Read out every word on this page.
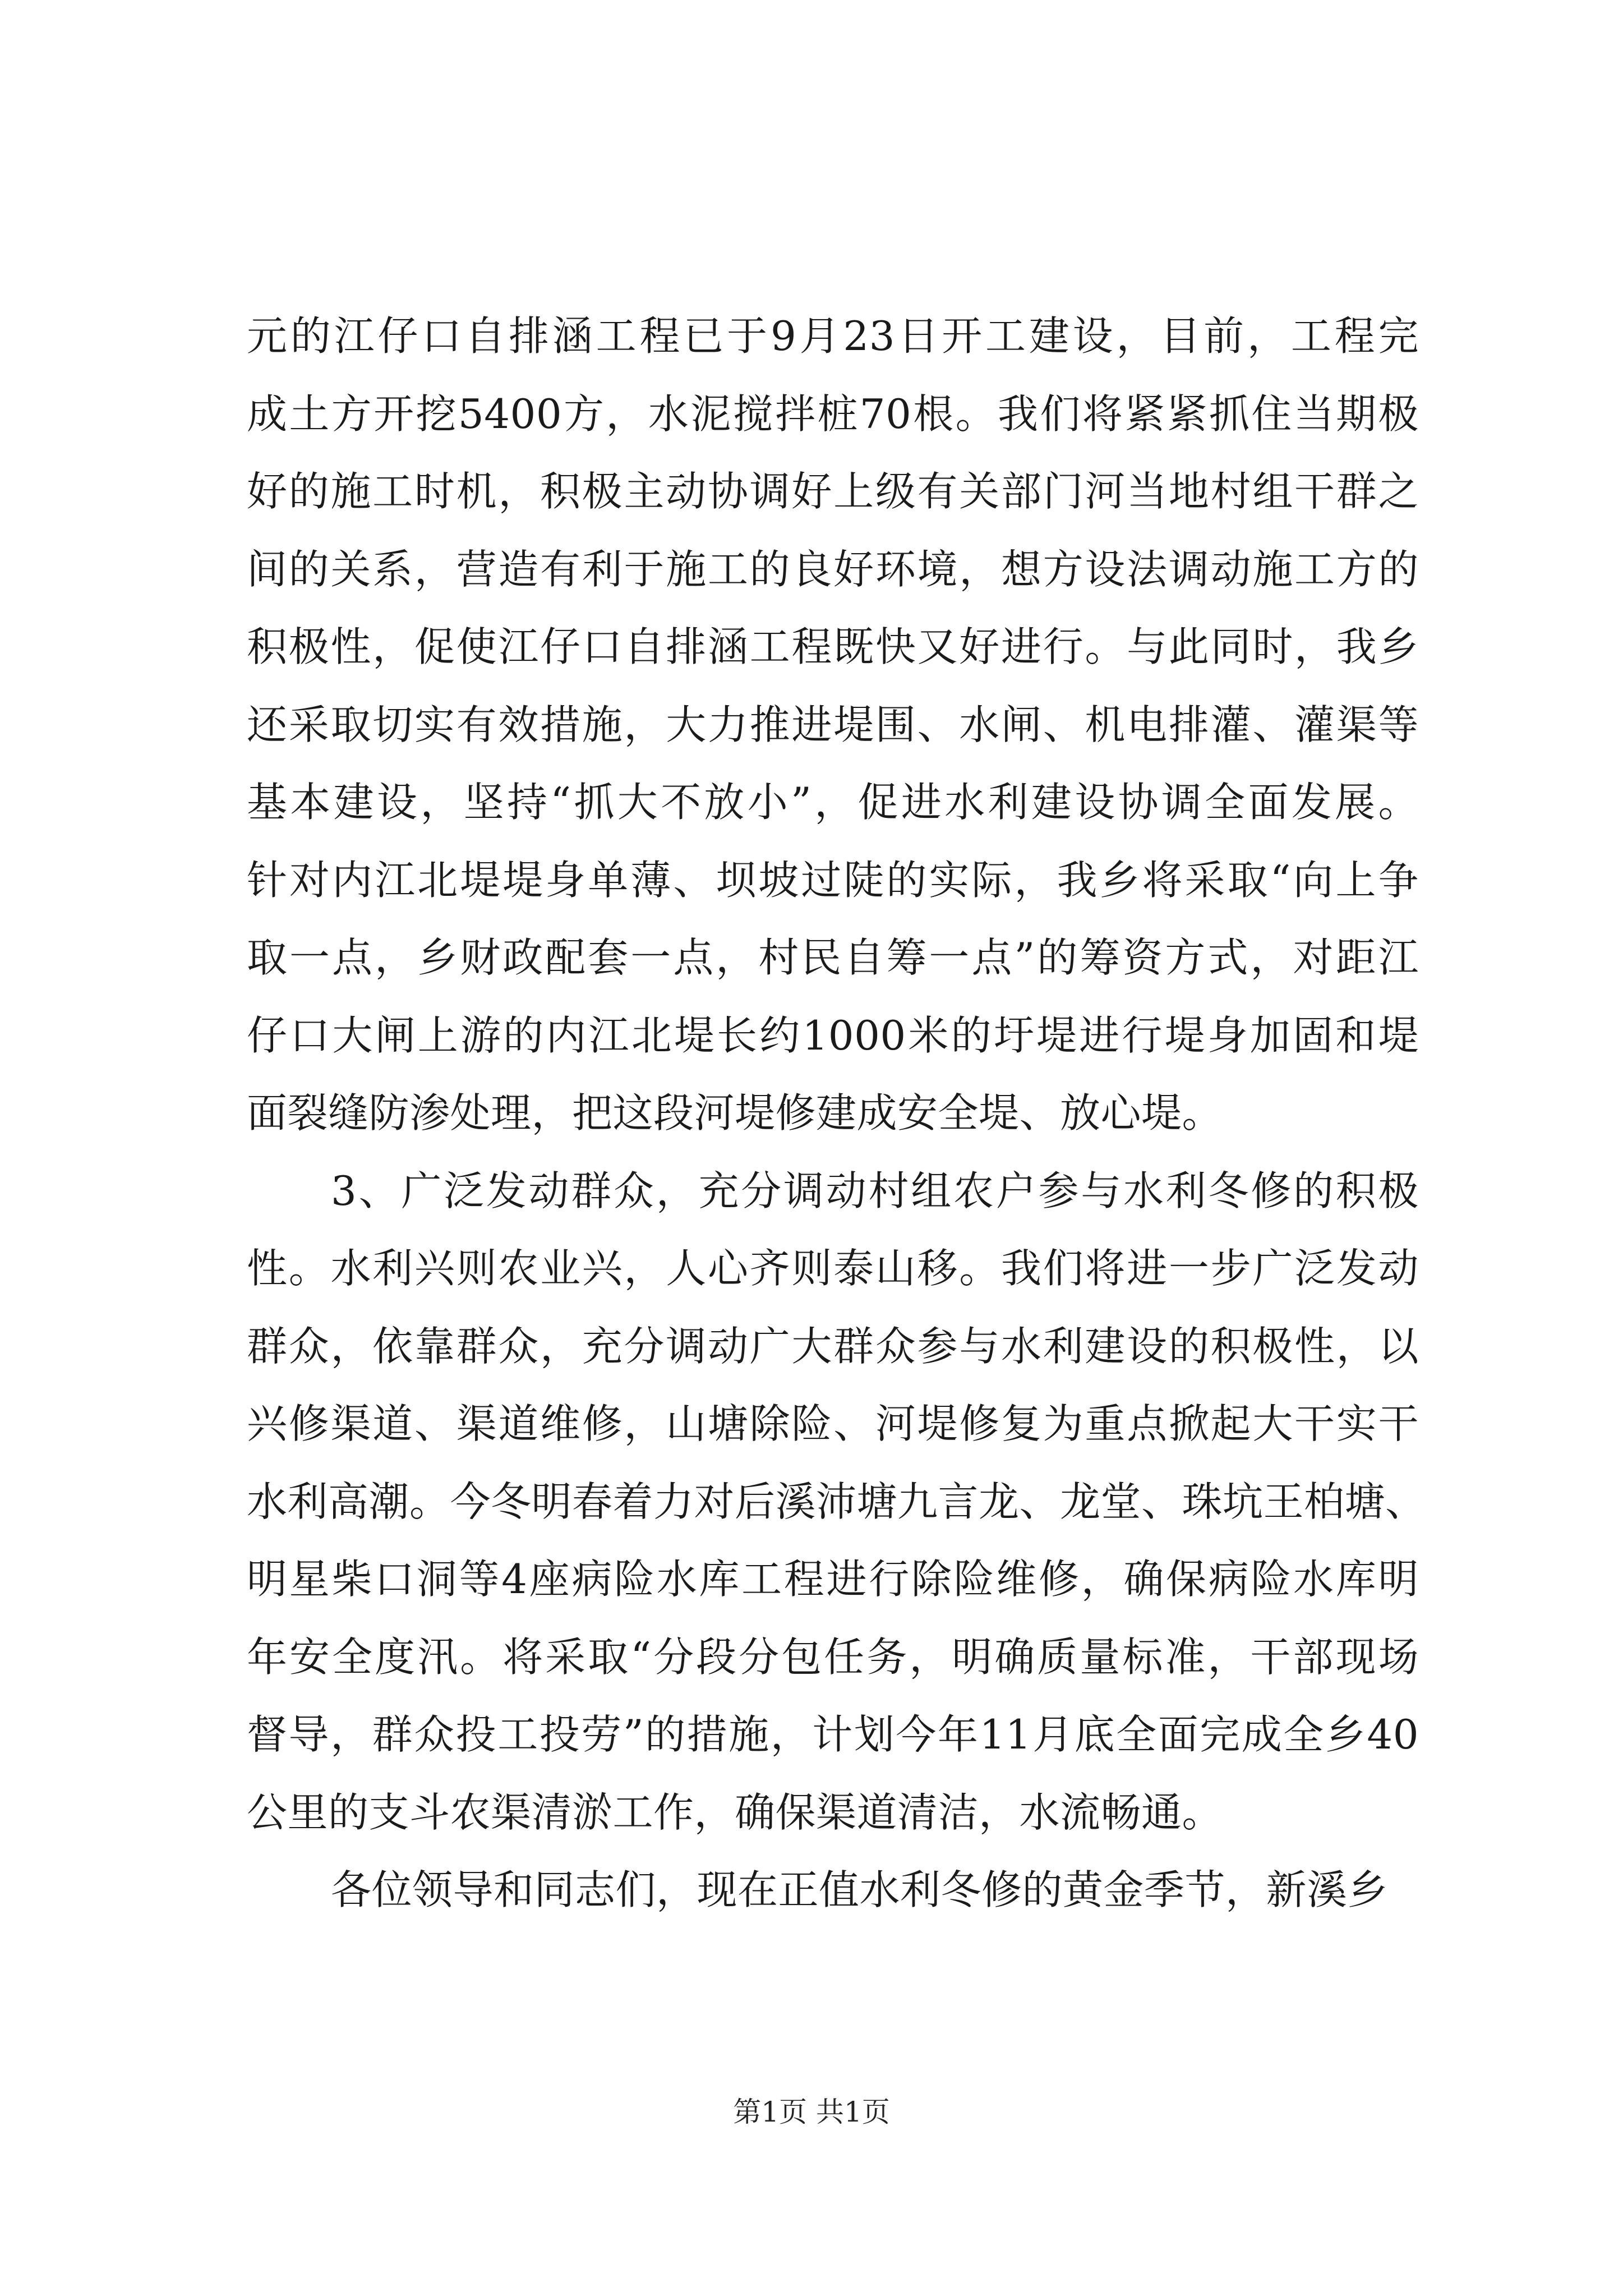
元的江仔口自排涵工程已于9月23日开工建设，目前，工程完
成土方开挖5400方，水泥搅拌桩70根。我们将紧紧抓住当期极
好的施工时机，积极主动协调好上级有关部门河当地村组干群之
间的关系，营造有利于施工的良好环境，想方设法调动施工方的
积极性，促使江仔口自排涵工程既快又好进行。与此同时，我乡
还采取切实有效措施，大力推进堤围、水闸、机电排灌、灌渠等
基本建设，坚持“抓大不放小”，促进水利建设协调全面发展。
针对内江北堤堤身单薄、坝坡过陡的实际，我乡将采取“向上争
取一点，乡财政配套一点，村民自筹一点”的筹资方式，对距江
仔口大闸上游的内江北堤长约1000米的圩堤进行堤身加固和堤
面裂缝防渗处理，把这段河堤修建成安全堤、放心堤。
3、广泛发动群众，充分调动村组农户参与水利冬修的积极
性。水利兴则农业兴，人心齐则泰山移。我们将进一步广泛发动
群众，依靠群众，充分调动广大群众参与水利建设的积极性，以
兴修渠道、渠道维修，山塘除险、河堤修复为重点掀起大干实干
水利高潮。今冬明春着力对后溪沛塘九言龙、龙堂、珠坑王柏塘、
明星柴口洞等4座病险水库工程进行除险维修，确保病险水库明
年安全度汛。将采取“分段分包任务，明确质量标准，干部现场
督导，群众投工投劳”的措施，计划今年11月底全面完成全乡40
公里的支斗农渠清淤工作，确保渠道清洁，水流畅通。
各位领导和同志们，现在正值水利冬修的黄金季节，新溪乡
第1页 共1页
